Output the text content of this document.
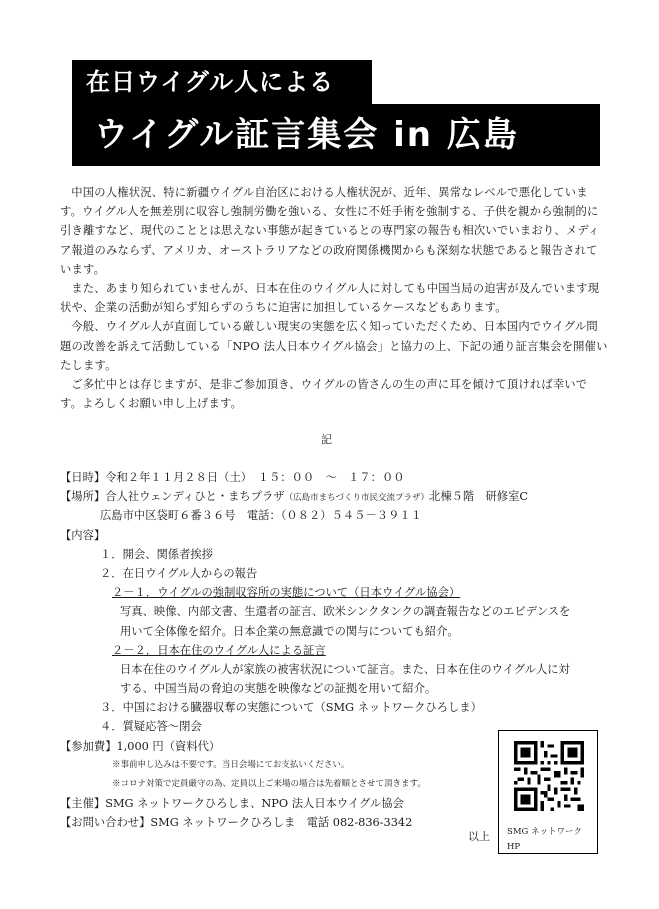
在日ウイグル人による
ウイグル証言集会 in 広島

中国の人権状況、特に新疆ウイグル自治区における人権状況が、近年、異常なレベルで悪化しています。ウイグル人を無差別に収容し強制労働を強いる、女性に不妊手術を強制する、子供を親から強制的に引き離すなど、現代のこととは思えない事態が起きているとの専門家の報告も相次いでいまおり、メディア報道のみならず、アメリカ、オーストラリアなどの政府関係機関からも深刻な状態であると報告されています。

また、あまり知られていませんが、日本在住のウイグル人に対しても中国当局の迫害が及んでいます現状や、企業の活動が知らず知らずのうちに迫害に加担しているケースなどもあります。

今般、ウイグル人が直面している厳しい現実の実態を広く知っていただくため、日本国内でウイグル問題の改善を訴えて活動している「NPO 法人日本ウイグル協会」と協力の上、下記の通り証言集会を開催いたします。

ご多忙中とは存じますが、是非ご参加頂き、ウイグルの皆さんの生の声に耳を傾けて頂ければ幸いです。よろしくお願い申し上げます。

記
【日時】令和２年１１月２８日（土）　１５：００　～　１７：００
【場所】合人社ウェンディひと・まちプラザ（広島市まちづくり市民交流プラザ）北棟５階　研修室C
広島市中区袋町６番３６号　電話：（０８２）５４５－３９１１
【内容】
１．開会、関係者挨拶
２．在日ウイグル人からの報告
２－１．ウイグルの強制収容所の実態について（日本ウイグル協会）
写真、映像、内部文書、生還者の証言、欧米シンクタンクの調査報告などのエビデンスを
用いて全体像を紹介。日本企業の無意識での関与についても紹介。
２－２．日本在住のウイグル人による証言
日本在住のウイグル人が家族の被害状況について証言。また、日本在住のウイグル人に対
する、中国当局の脅迫の実態を映像などの証拠を用いて紹介。
３．中国における臓器収奪の実態について（SMG ネットワークひろしま）
４．質疑応答～閉会
【参加費】1,000 円（資料代）
※事前申し込みは不要です。当日会場にてお支払いください。
※コロナ対策で定員厳守の為、定員以上ご来場の場合は先着順とさせて頂きます。
【主催】SMG ネットワークひろしま、NPO 法人日本ウイグル協会
【お問い合わせ】SMG ネットワークひろしま　電話 082-836-3342
以上 SMG ネットワーク HP
